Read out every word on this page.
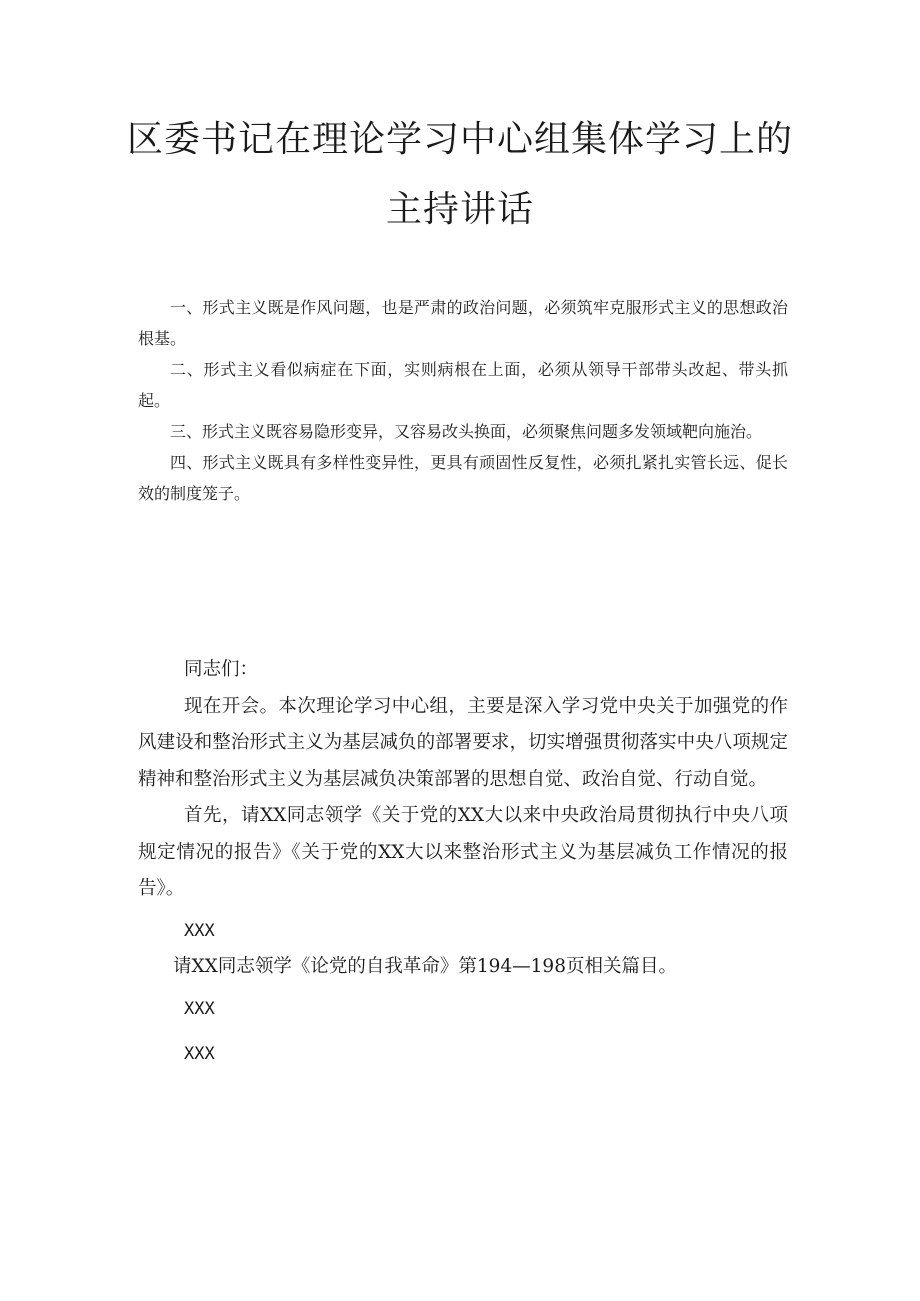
区委书记在理论学习中心组集体学习上的
主持讲话

一、形式主义既是作风问题，也是严肃的政治问题，必须筑牢克服形式主义的思想政治根基。

二、形式主义看似病症在下面，实则病根在上面，必须从领导干部带头改起、带头抓起。

三、形式主义既容易隐形变异，又容易改头换面，必须聚焦问题多发领域靶向施治。

四、形式主义既具有多样性变异性，更具有顽固性反复性，必须扎紧扎实管长远、促长效的制度笼子。

同志们：

现在开会。本次理论学习中心组，主要是深入学习党中央关于加强党的作风建设和整治形式主义为基层减负的部署要求，切实增强贯彻落实中央八项规定精神和整治形式主义为基层减负决策部署的思想自觉、政治自觉、行动自觉。

首先，请XX同志领学《关于党的XX大以来中央政治局贯彻执行中央八项规定情况的报告》《关于党的XX大以来整治形式主义为基层减负工作情况的报告》。

XXX

请XX同志领学《论党的自我革命》第194—198页相关篇目。

XXX

XXX
